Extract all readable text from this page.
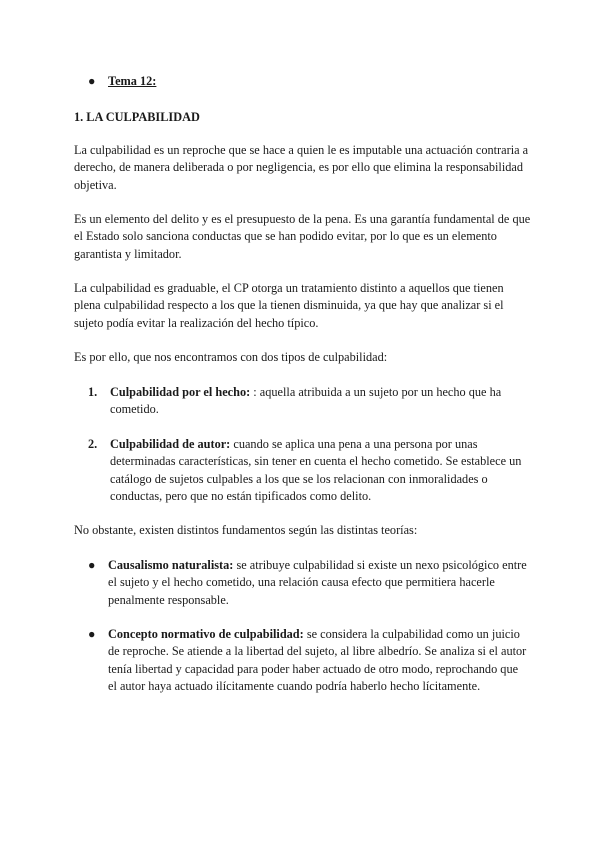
●	Tema 12:

1. LA CULPABILIDAD

La culpabilidad es un reproche que se hace a quien le es imputable una actuación contraria a derecho, de manera deliberada o por negligencia, es por ello que elimina la responsabilidad objetiva.

Es un elemento del delito y es el presupuesto de la pena. Es una garantía fundamental de que el Estado solo sanciona conductas que se han podido evitar, por lo que es un elemento garantista y limitador.

La culpabilidad es graduable, el CP otorga un tratamiento distinto a aquellos que tienen plena culpabilidad respecto a los que la tienen disminuida, ya que hay que analizar si el sujeto podía evitar la realización del hecho típico.

Es por ello, que nos encontramos con dos tipos de culpabilidad:

1. Culpabilidad por el hecho: : aquella atribuida a un sujeto por un hecho que ha cometido.
2. Culpabilidad de autor: cuando se aplica una pena a una persona por unas determinadas características, sin tener en cuenta el hecho cometido. Se establece un catálogo de sujetos culpables a los que se los relacionan con inmoralidades o conductas, pero que no están tipificados como delito.

No obstante, existen distintos fundamentos según las distintas teorías:

●	Causalismo naturalista: se atribuye culpabilidad si existe un nexo psicológico entre el sujeto y el hecho cometido, una relación causa efecto que permitiera hacerle penalmente responsable.
●	Concepto normativo de culpabilidad: se considera la culpabilidad como un juicio de reproche. Se atiende a la libertad del sujeto, al libre albedrío. Se analiza si el autor tenía libertad y capacidad para poder haber actuado de otro modo, reprochando que el autor haya actuado ilícitamente cuando podría haberlo hecho lícitamente.
